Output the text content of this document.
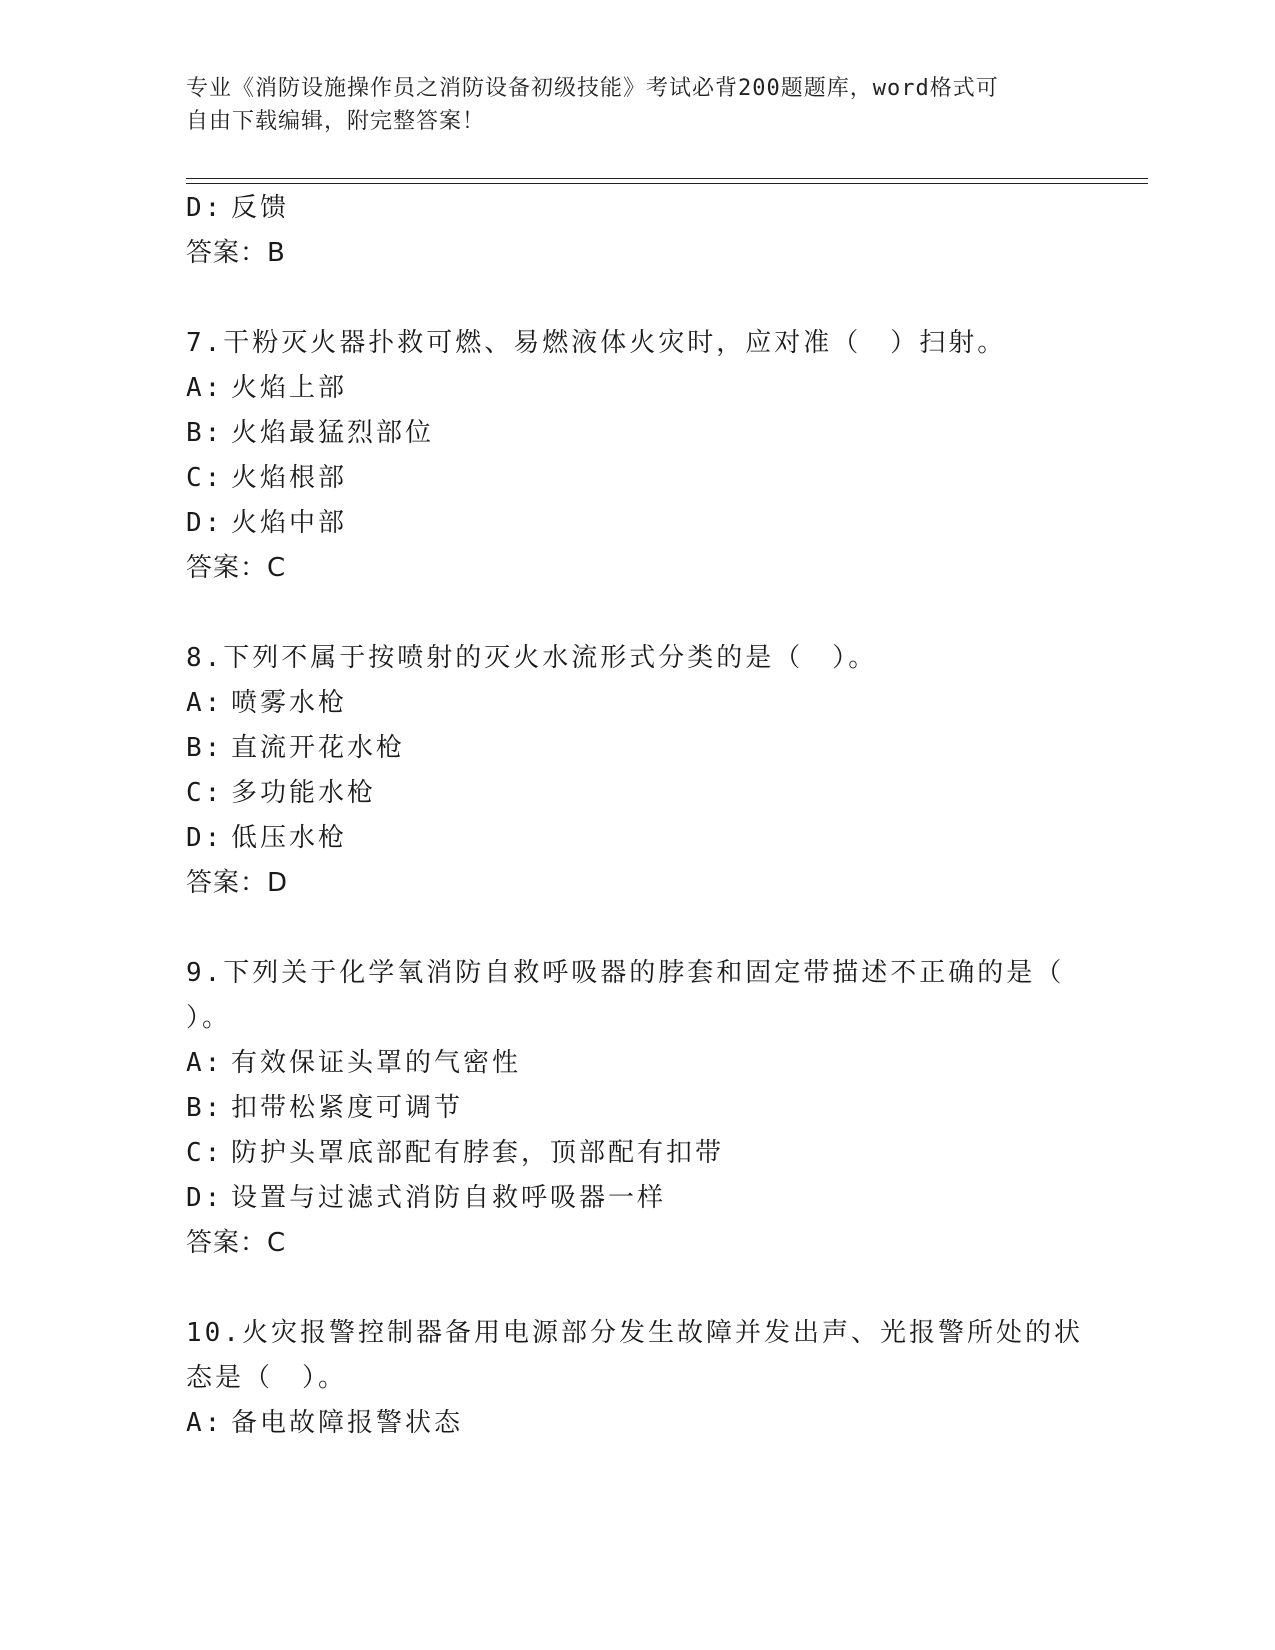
专业《消防设施操作员之消防设备初级技能》考试必背200题题库，word格式可
自由下载编辑，附完整答案！
D: 反馈
答案：B
7.干粉灭火器扑救可燃、易燃液体火灾时，应对准（　）扫射。
A: 火焰上部
B: 火焰最猛烈部位
C: 火焰根部
D: 火焰中部
答案：C
8.下列不属于按喷射的灭火水流形式分类的是（　）。
A: 喷雾水枪
B: 直流开花水枪
C: 多功能水枪
D: 低压水枪
答案：D
9.下列关于化学氧消防自救呼吸器的脖套和固定带描述不正确的是（
）。
A: 有效保证头罩的气密性
B: 扣带松紧度可调节
C: 防护头罩底部配有脖套，顶部配有扣带
D: 设置与过滤式消防自救呼吸器一样
答案：C
10.火灾报警控制器备用电源部分发生故障并发出声、光报警所处的状
态是（　）。
A: 备电故障报警状态
